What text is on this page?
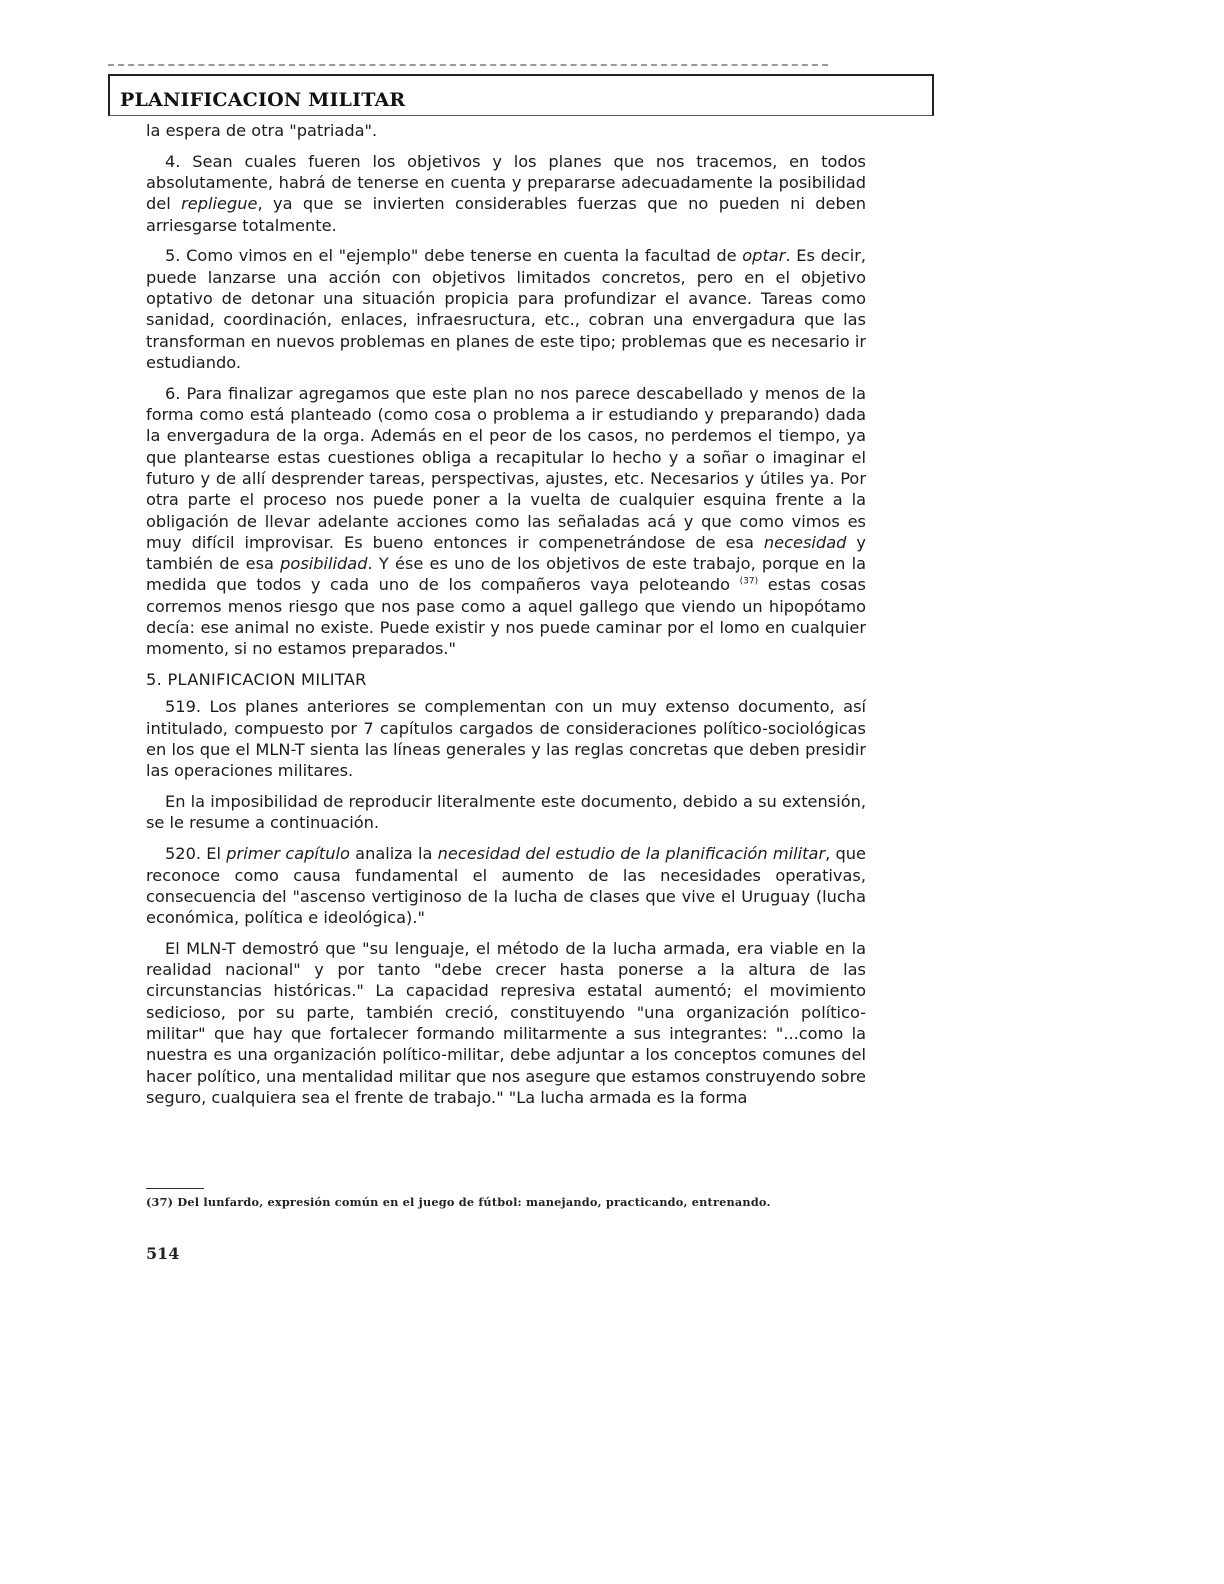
PLANIFICACION MILITAR

la espera de otra "patriada".

4. Sean cuales fueren los objetivos y los planes que nos tracemos, en todos absolutamente, habrá de tenerse en cuenta y prepararse adecuadamente la posibilidad del repliegue, ya que se invierten considerables fuerzas que no pueden ni deben arriesgarse totalmente.

5. Como vimos en el "ejemplo" debe tenerse en cuenta la facultad de optar. Es decir, puede lanzarse una acción con objetivos limitados concretos, pero en el objetivo optativo de detonar una situación propicia para profundizar el avance. Tareas como sanidad, coordinación, enlaces, infraesructura, etc., cobran una envergadura que las transforman en nuevos problemas en planes de este tipo; problemas que es necesario ir estudiando.

6. Para finalizar agregamos que este plan no nos parece descabellado y menos de la forma como está planteado (como cosa o problema a ir estudiando y preparando) dada la envergadura de la orga. Además en el peor de los casos, no perdemos el tiempo, ya que plantearse estas cuestiones obliga a recapitular lo hecho y a soñar o imaginar el futuro y de allí desprender tareas, perspectivas, ajustes, etc. Necesarios y útiles ya. Por otra parte el proceso nos puede poner a la vuelta de cualquier esquina frente a la obligación de llevar adelante acciones como las señaladas acá y que como vimos es muy difícil improvisar. Es bueno entonces ir compenetrándose de esa necesidad y también de esa posibilidad. Y ése es uno de los objetivos de este trabajo, porque en la medida que todos y cada uno de los compañeros vaya peloteando $^{(37)}$ estas cosas corremos menos riesgo que nos pase como a aquel gallego que viendo un hipopótamo decía: ese animal no existe. Puede existir y nos puede caminar por el lomo en cualquier momento, si no estamos preparados."

5. PLANIFICACION MILITAR

519. Los planes anteriores se complementan con un muy extenso documento, así intitulado, compuesto por 7 capítulos cargados de consideraciones político-sociológicas en los que el MLN-T sienta las líneas generales y las reglas concretas que deben presidir las operaciones militares.

En la imposibilidad de reproducir literalmente este documento, debido a su extensión, se le resume a continuación.

520. El primer capítulo analiza la necesidad del estudio de la planificación militar, que reconoce como causa fundamental el aumento de las necesidades operativas, consecuencia del "ascenso vertiginoso de la lucha de clases que vive el Uruguay (lucha económica, política e ideológica)."

El MLN-T demostró que "su lenguaje, el método de la lucha armada, era viable en la realidad nacional" y por tanto "debe crecer hasta ponerse a la altura de las circunstancias históricas." La capacidad represiva estatal aumentó; el movimiento sedicioso, por su parte, también creció, constituyendo "una organización político-militar" que hay que fortalecer formando militarmente a sus integrantes: "...como la nuestra es una organización político-militar, debe adjuntar a los conceptos comunes del hacer político, una mentalidad militar que nos asegure que estamos construyendo sobre seguro, cualquiera sea el frente de trabajo." "La lucha armada es la forma

(37) Del lunfardo, expresión común en el juego de fútbol: manejando, practicando, entrenando.

514
